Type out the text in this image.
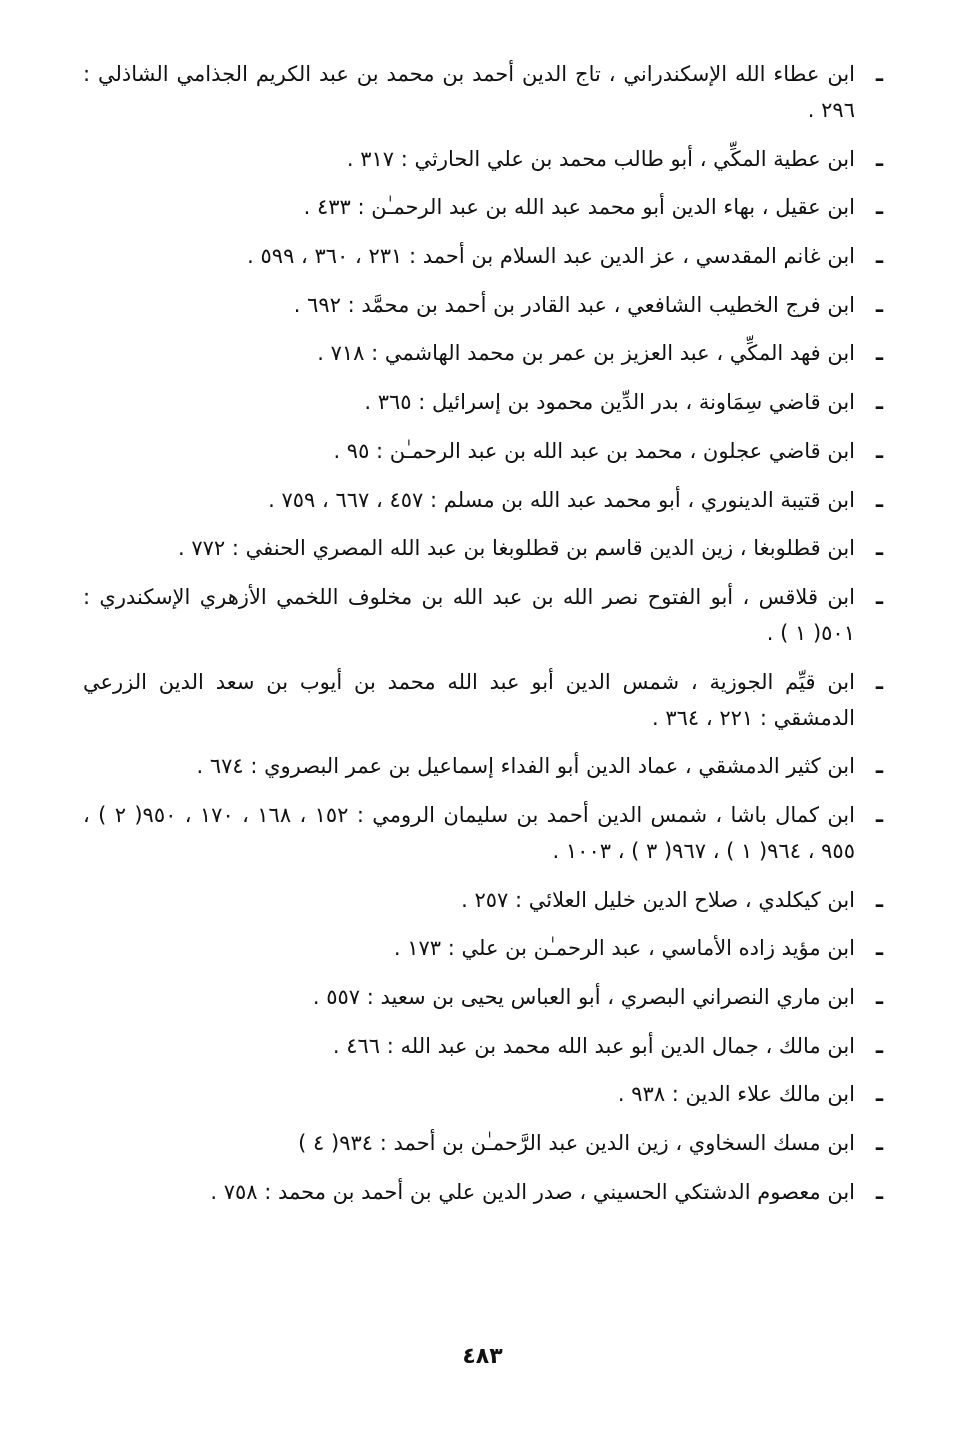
ـ
ابن عطاء الله الإسكندراني ، تاج الدين أحمد بن محمد بن عبد الكريم الجذامي الشاذلي : ٢٩٦ .
ـ
ابن عطية المكِّي ، أبو طالب محمد بن علي الحارثي : ٣١٧ .
ـ
ابن عقيل ، بهاء الدين أبو محمد عبد الله بن عبد الرحمـٰن : ٤٣٣ .
ـ
ابن غانم المقدسي ، عز الدين عبد السلام بن أحمد : ٢٣١ ، ٣٦٠ ، ٥٩٩ .
ـ
ابن فرج الخطيب الشافعي ، عبد القادر بن أحمد بن محمَّد : ٦٩٢ .
ـ
ابن فهد المكِّي ، عبد العزيز بن عمر بن محمد الهاشمي : ٧١٨ .
ـ
ابن قاضي سِمَاونة ، بدر الدِّين محمود بن إسرائيل : ٣٦٥ .
ـ
ابن قاضي عجلون ، محمد بن عبد الله بن عبد الرحمـٰن : ٩٥ .
ـ
ابن قتيبة الدينوري ، أبو محمد عبد الله بن مسلم : ٤٥٧ ، ٦٦٧ ، ٧٥٩ .
ـ
ابن قطلوبغا ، زين الدين قاسم بن قطلوبغا بن عبد الله المصري الحنفي : ٧٧٢ .
ـ
ابن قلاقس ، أبو الفتوح نصر الله بن عبد الله بن مخلوف اللخمي الأزهري الإسكندري : ٥٠١( ١ ) .
ـ
ابن قيِّم الجوزية ، شمس الدين أبو عبد الله محمد بن أيوب بن سعد الدين الزرعي الدمشقي : ٢٢١ ، ٣٦٤ .
ـ
ابن كثير الدمشقي ، عماد الدين أبو الفداء إسماعيل بن عمر البصروي : ٦٧٤ .
ـ
ابن كمال باشا ، شمس الدين أحمد بن سليمان الرومي : ١٥٢ ، ١٦٨ ، ١٧٠ ، ٩٥٠( ٢ ) ، ٩٥٥ ، ٩٦٤( ١ ) ، ٩٦٧( ٣ ) ، ١٠٠٣ .
ـ
ابن كيكلدي ، صلاح الدين خليل العلائي : ٢٥٧ .
ـ
ابن مؤيد زاده الأماسي ، عبد الرحمـٰن بن علي : ١٧٣ .
ـ
ابن ماري النصراني البصري ، أبو العباس يحيى بن سعيد : ٥٥٧ .
ـ
ابن مالك ، جمال الدين أبو عبد الله محمد بن عبد الله : ٤٦٦ .
ـ
ابن مالك علاء الدين : ٩٣٨ .
ـ
ابن مسك السخاوي ، زين الدين عبد الرَّحمـٰن بن أحمد : ٩٣٤( ٤ )
ـ
ابن معصوم الدشتكي الحسيني ، صدر الدين علي بن أحمد بن محمد : ٧٥٨ .
٤٨٣
